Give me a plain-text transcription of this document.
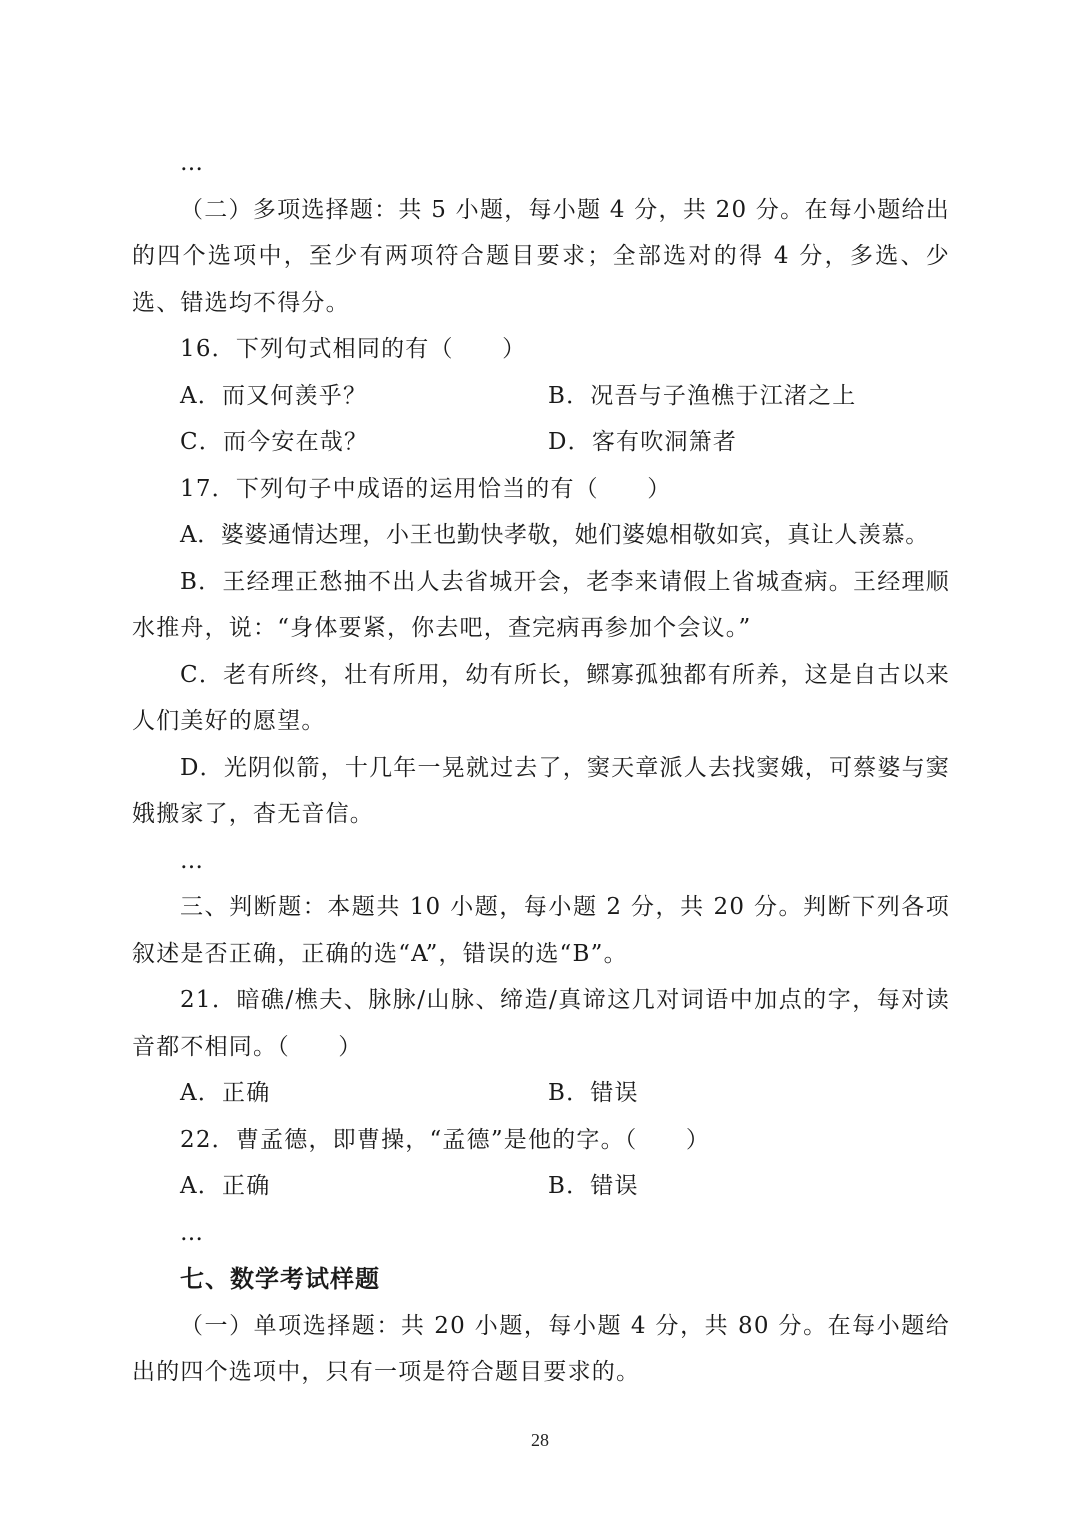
…

（二）多项选择题：共 5 小题，每小题 4 分，共 20 分。在每小题给出的四个选项中，至少有两项符合题目要求；全部选对的得 4 分，多选、少选、错选均不得分。

16．下列句式相同的有（　　）
A．而又何羡乎？	B．况吾与子渔樵于江渚之上
C．而今安在哉？	D．客有吹洞箫者
17．下列句子中成语的运用恰当的有（　　）

A．婆婆通情达理，小王也勤快孝敬，她们婆媳相敬如宾，真让人羡慕。

B．王经理正愁抽不出人去省城开会，老李来请假上省城查病。王经理顺水推舟，说：“身体要紧，你去吧，查完病再参加个会议。”

C．老有所终，壮有所用，幼有所长，鳏寡孤独都有所养，这是自古以来人们美好的愿望。

D．光阴似箭，十几年一晃就过去了，窦天章派人去找窦娥，可蔡婆与窦娥搬家了，杳无音信。

…

三、判断题：本题共 10 小题，每小题 2 分，共 20 分。判断下列各项叙述是否正确，正确的选“A”，错误的选“B”。

21．暗礁/樵夫、脉脉/山脉、缔造/真谛这几对词语中加点的字，每对读音都不相同。（　　）

A．正确	B．错误
22．曹孟德，即曹操，“孟德”是他的字。（　　）
A．正确	B．错误
…
七、数学考试样题

（一）单项选择题：共 20 小题，每小题 4 分，共 80 分。在每小题给出的四个选项中，只有一项是符合题目要求的。

28
